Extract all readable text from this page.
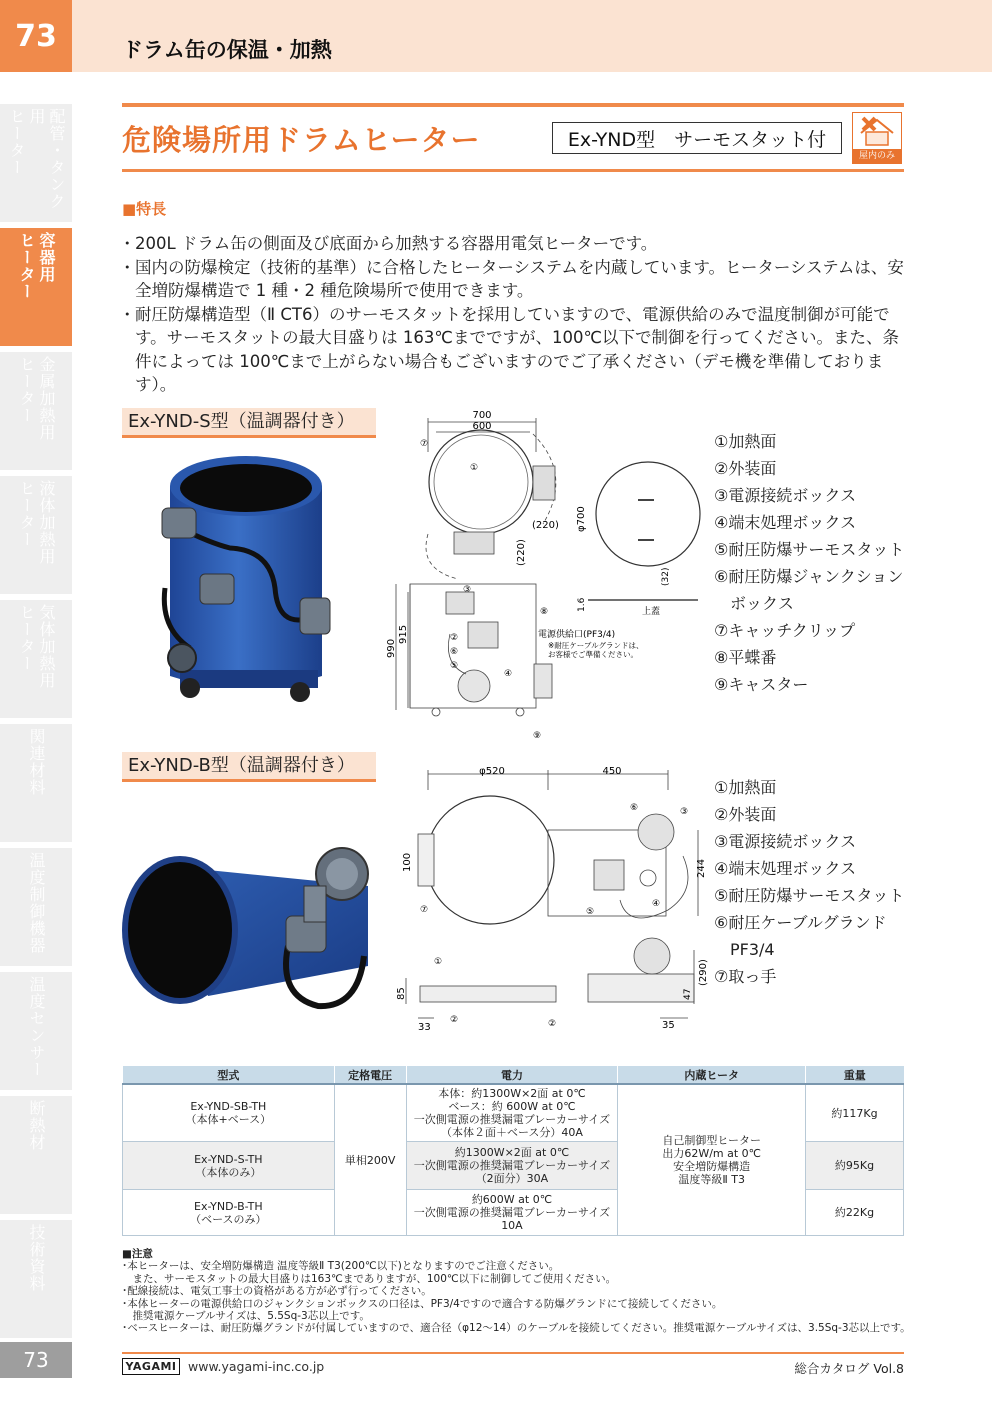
73	ドラム缶の保温・加熱
配管・タンク用
ヒーター
容器用
ヒーター
金属加熱用
ヒーター
液体加熱用
ヒーター
気体加熱用
ヒーター
関連材料
温度制御機器
温度センサー
断熱材
技術資料
73
危険場所用ドラムヒーター	Ex-YND型　サーモスタット付
屋内のみ
■特長
・ 200L ドラム缶の側面及び底面から加熱する容器用電気ヒーターです。
・ 国内の防爆検定（技術的基準）に合格したヒーターシステムを内蔵しています。ヒーターシステムは、安全増防爆構造で 1 種・2 種危険場所で使用できます。
・ 耐圧防爆構造型（Ⅱ CT6）のサーモスタットを採用していますので、電源供給のみで温度制御が可能です。サーモスタットの最大目盛りは 163℃までですが、100℃以下で制御を行ってください。また、条件によっては 100℃まで上がらない場合もございますのでご了承ください（デモ機を準備しております）。
Ex-YND-S型（温調器付き）	700
600
(220)
(220)
φ700
(32)
1.6	上蓋
990
915	電源供給口(PF3/4)
※耐圧ケーブルグランドは、
お客様でご準備ください。
⑦
①
③
⑧
②
⑥
⑤
④
⑨
①加熱面
②外装面
③電源接続ボックス
④端末処理ボックス
⑤耐圧防爆サーモスタット
⑥耐圧防爆ジャンクション
ボックス
⑦キャッチクリップ
⑧平蝶番
⑨キャスター
Ex-YND-B型（温調器付き）	φ520	450
100	244
(290)
85	47
33	35
⑥	③
④
⑤
⑦
①
②	②
①加熱面
②外装面
③電源接続ボックス
④端末処理ボックス
⑤耐圧防爆サーモスタット
⑥耐圧ケーブルグランド
PF3/4
⑦取っ手
型式	定格電圧	電力	内蔵ヒータ	重量

Ex-YND-SB-TH
（本体+ベース）	単相200V	本体：約1300W×2面 at 0℃
ベース：約 600W at 0℃
一次側電源の推奨漏電ブレーカーサイズ
（本体２面＋ベース分）40A	自己制御型ヒーター
出力62W/m at 0℃
安全増防爆構造
温度等級Ⅱ T3	約117Kg

Ex-YND-S-TH
（本体のみ）		約1300W×2面 at 0℃
一次側電源の推奨漏電ブレーカーサイズ
（2面分）30A		約95Kg

Ex-YND-B-TH
（ベースのみ）		約600W at 0℃
一次側電源の推奨漏電ブレーカーサイズ
10A		約22Kg
■注意
･本ヒーターは、安全増防爆構造 温度等級Ⅱ T3(200℃以下)となりますのでご注意ください。
　また、サーモスタットの最大目盛りは163℃までありますが、100℃以下に制御してご使用ください。
･配線接続は、電気工事士の資格がある方が必ず行ってください。
･本体ヒーターの電源供給口のジャンクションボックスの口径は、PF3/4ですので適合する防爆グランドにて接続してください。
　推奨電源ケーブルサイズは、5.5Sq-3芯以上です。
･ベースヒーターは、耐圧防爆グランドが付属していますので、適合径（φ12～14）のケーブルを接続してください。推奨電源ケーブルサイズは、3.5Sq-3芯以上です。
YAGAMI www.yagami-inc.co.jp	総合カタログ Vol.8
